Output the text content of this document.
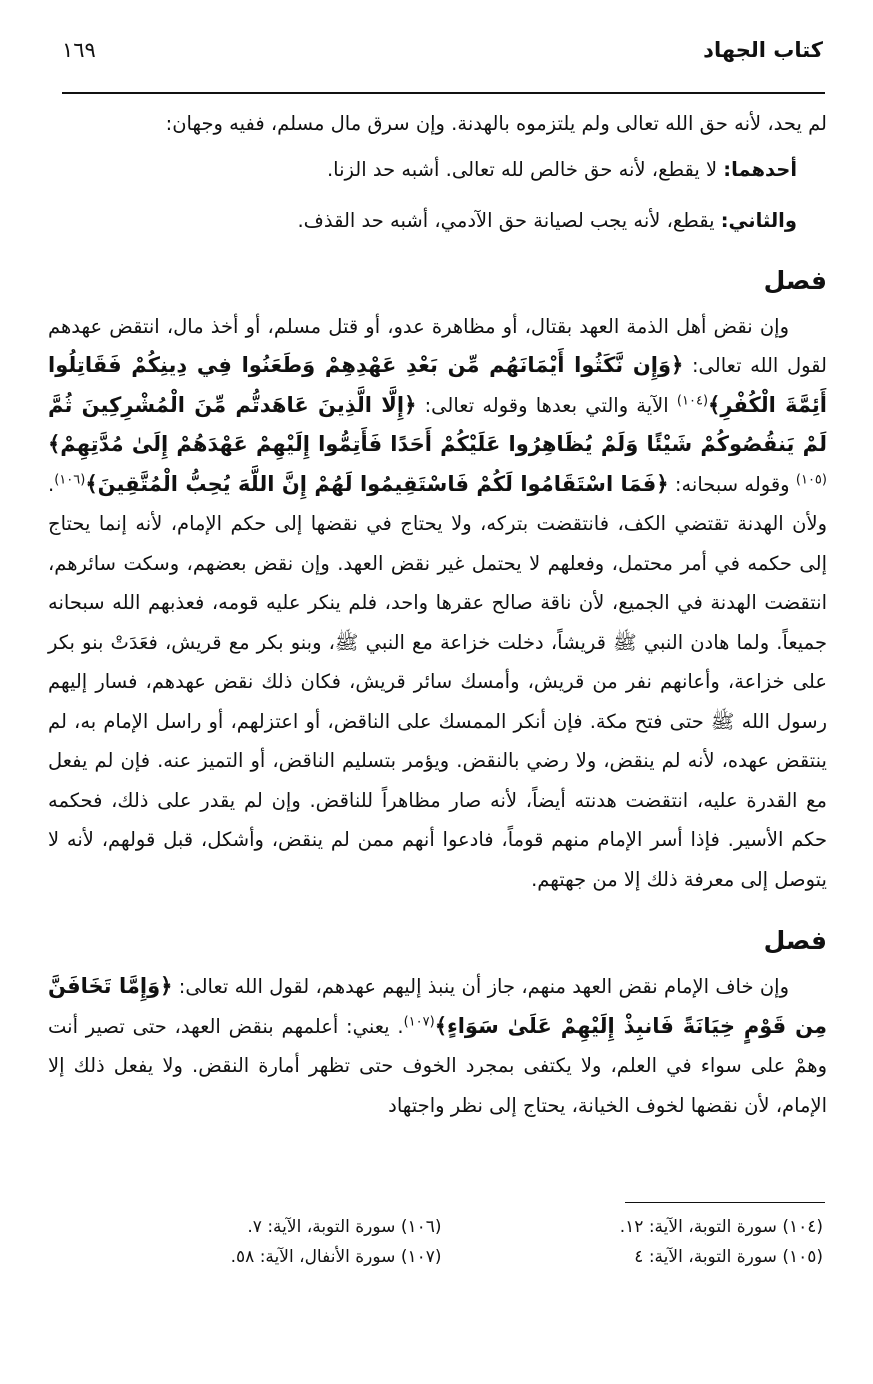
كتاب الجهاد
١٦٩

لم يحد، لأنه حق الله تعالى ولم يلتزموه بالهدنة. وإن سرق مال مسلم، ففيه وجهان:

أحدهما: لا يقطع، لأنه حق خالص لله تعالى. أشبه حد الزنا.

والثاني: يقطع، لأنه يجب لصيانة حق الآدمي، أشبه حد القذف.

فصل

وإن نقض أهل الذمة العهد بقتال، أو مظاهرة عدو، أو قتل مسلم، أو أخذ مال، انتقض عهدهم لقول الله تعالى: ﴿وَإِن نَّكَثُوا أَيْمَانَهُم مِّن بَعْدِ عَهْدِهِمْ وَطَعَنُوا فِي دِينِكُمْ فَقَاتِلُوا أَئِمَّةَ الْكُفْرِ﴾$^{(١٠٤)}$ الآية والتي بعدها وقوله تعالى: ﴿إِلَّا الَّذِينَ عَاهَدتُّم مِّنَ الْمُشْرِكِينَ ثُمَّ لَمْ يَنقُصُوكُمْ شَيْئًا وَلَمْ يُظَاهِرُوا عَلَيْكُمْ أَحَدًا فَأَتِمُّوا إِلَيْهِمْ عَهْدَهُمْ إِلَىٰ مُدَّتِهِمْ﴾$^{(١٠٥)}$ وقوله سبحانه: ﴿فَمَا اسْتَقَامُوا لَكُمْ فَاسْتَقِيمُوا لَهُمْ إِنَّ اللَّهَ يُحِبُّ الْمُتَّقِينَ﴾$^{(١٠٦)}$. ولأن الهدنة تقتضي الكف، فانتقضت بتركه، ولا يحتاج في نقضها إلى حكم الإمام، لأنه إنما يحتاج إلى حكمه في أمر محتمل، وفعلهم لا يحتمل غير نقض العهد. وإن نقض بعضهم، وسكت سائرهم، انتقضت الهدنة في الجميع، لأن ناقة صالح عقرها واحد، فلم ينكر عليه قومه، فعذبهم الله سبحانه جميعاً. ولما هادن النبي ﷺ قريشاً، دخلت خزاعة مع النبي ﷺ، وبنو بكر مع قريش، فعَدَتْ بنو بكر على خزاعة، وأعانهم نفر من قريش، وأمسك سائر قريش، فكان ذلك نقض عهدهم، فسار إليهم رسول الله ﷺ حتى فتح مكة. فإن أنكر الممسك على الناقض، أو اعتزلهم، أو راسل الإمام به، لم ينتقض عهده، لأنه لم ينقض، ولا رضي بالنقض. ويؤمر بتسليم الناقض، أو التميز عنه. فإن لم يفعل مع القدرة عليه، انتقضت هدنته أيضاً، لأنه صار مظاهراً للناقض. وإن لم يقدر على ذلك، فحكمه حكم الأسير. فإذا أسر الإمام منهم قوماً، فادعوا أنهم ممن لم ينقض، وأشكل، قبل قولهم، لأنه لا يتوصل إلى معرفة ذلك إلا من جهتهم.

فصل

وإن خاف الإمام نقض العهد منهم، جاز أن ينبذ إليهم عهدهم، لقول الله تعالى: ﴿وَإِمَّا تَخَافَنَّ مِن قَوْمٍ خِيَانَةً فَانبِذْ إِلَيْهِمْ عَلَىٰ سَوَاءٍ﴾$^{(١٠٧)}$. يعني: أعلمهم بنقض العهد، حتى تصير أنت وهمْ على سواء في العلم، ولا يكتفى بمجرد الخوف حتى تظهر أمارة النقض. ولا يفعل ذلك إلا الإمام، لأن نقضها لخوف الخيانة، يحتاج إلى نظر واجتهاد

(١٠٤) سورة التوبة، الآية: ١٢.
(١٠٦) سورة التوبة، الآية: ٧.
(١٠٥) سورة التوبة، الآية: ٤
(١٠٧) سورة الأنفال، الآية: ٥٨.
